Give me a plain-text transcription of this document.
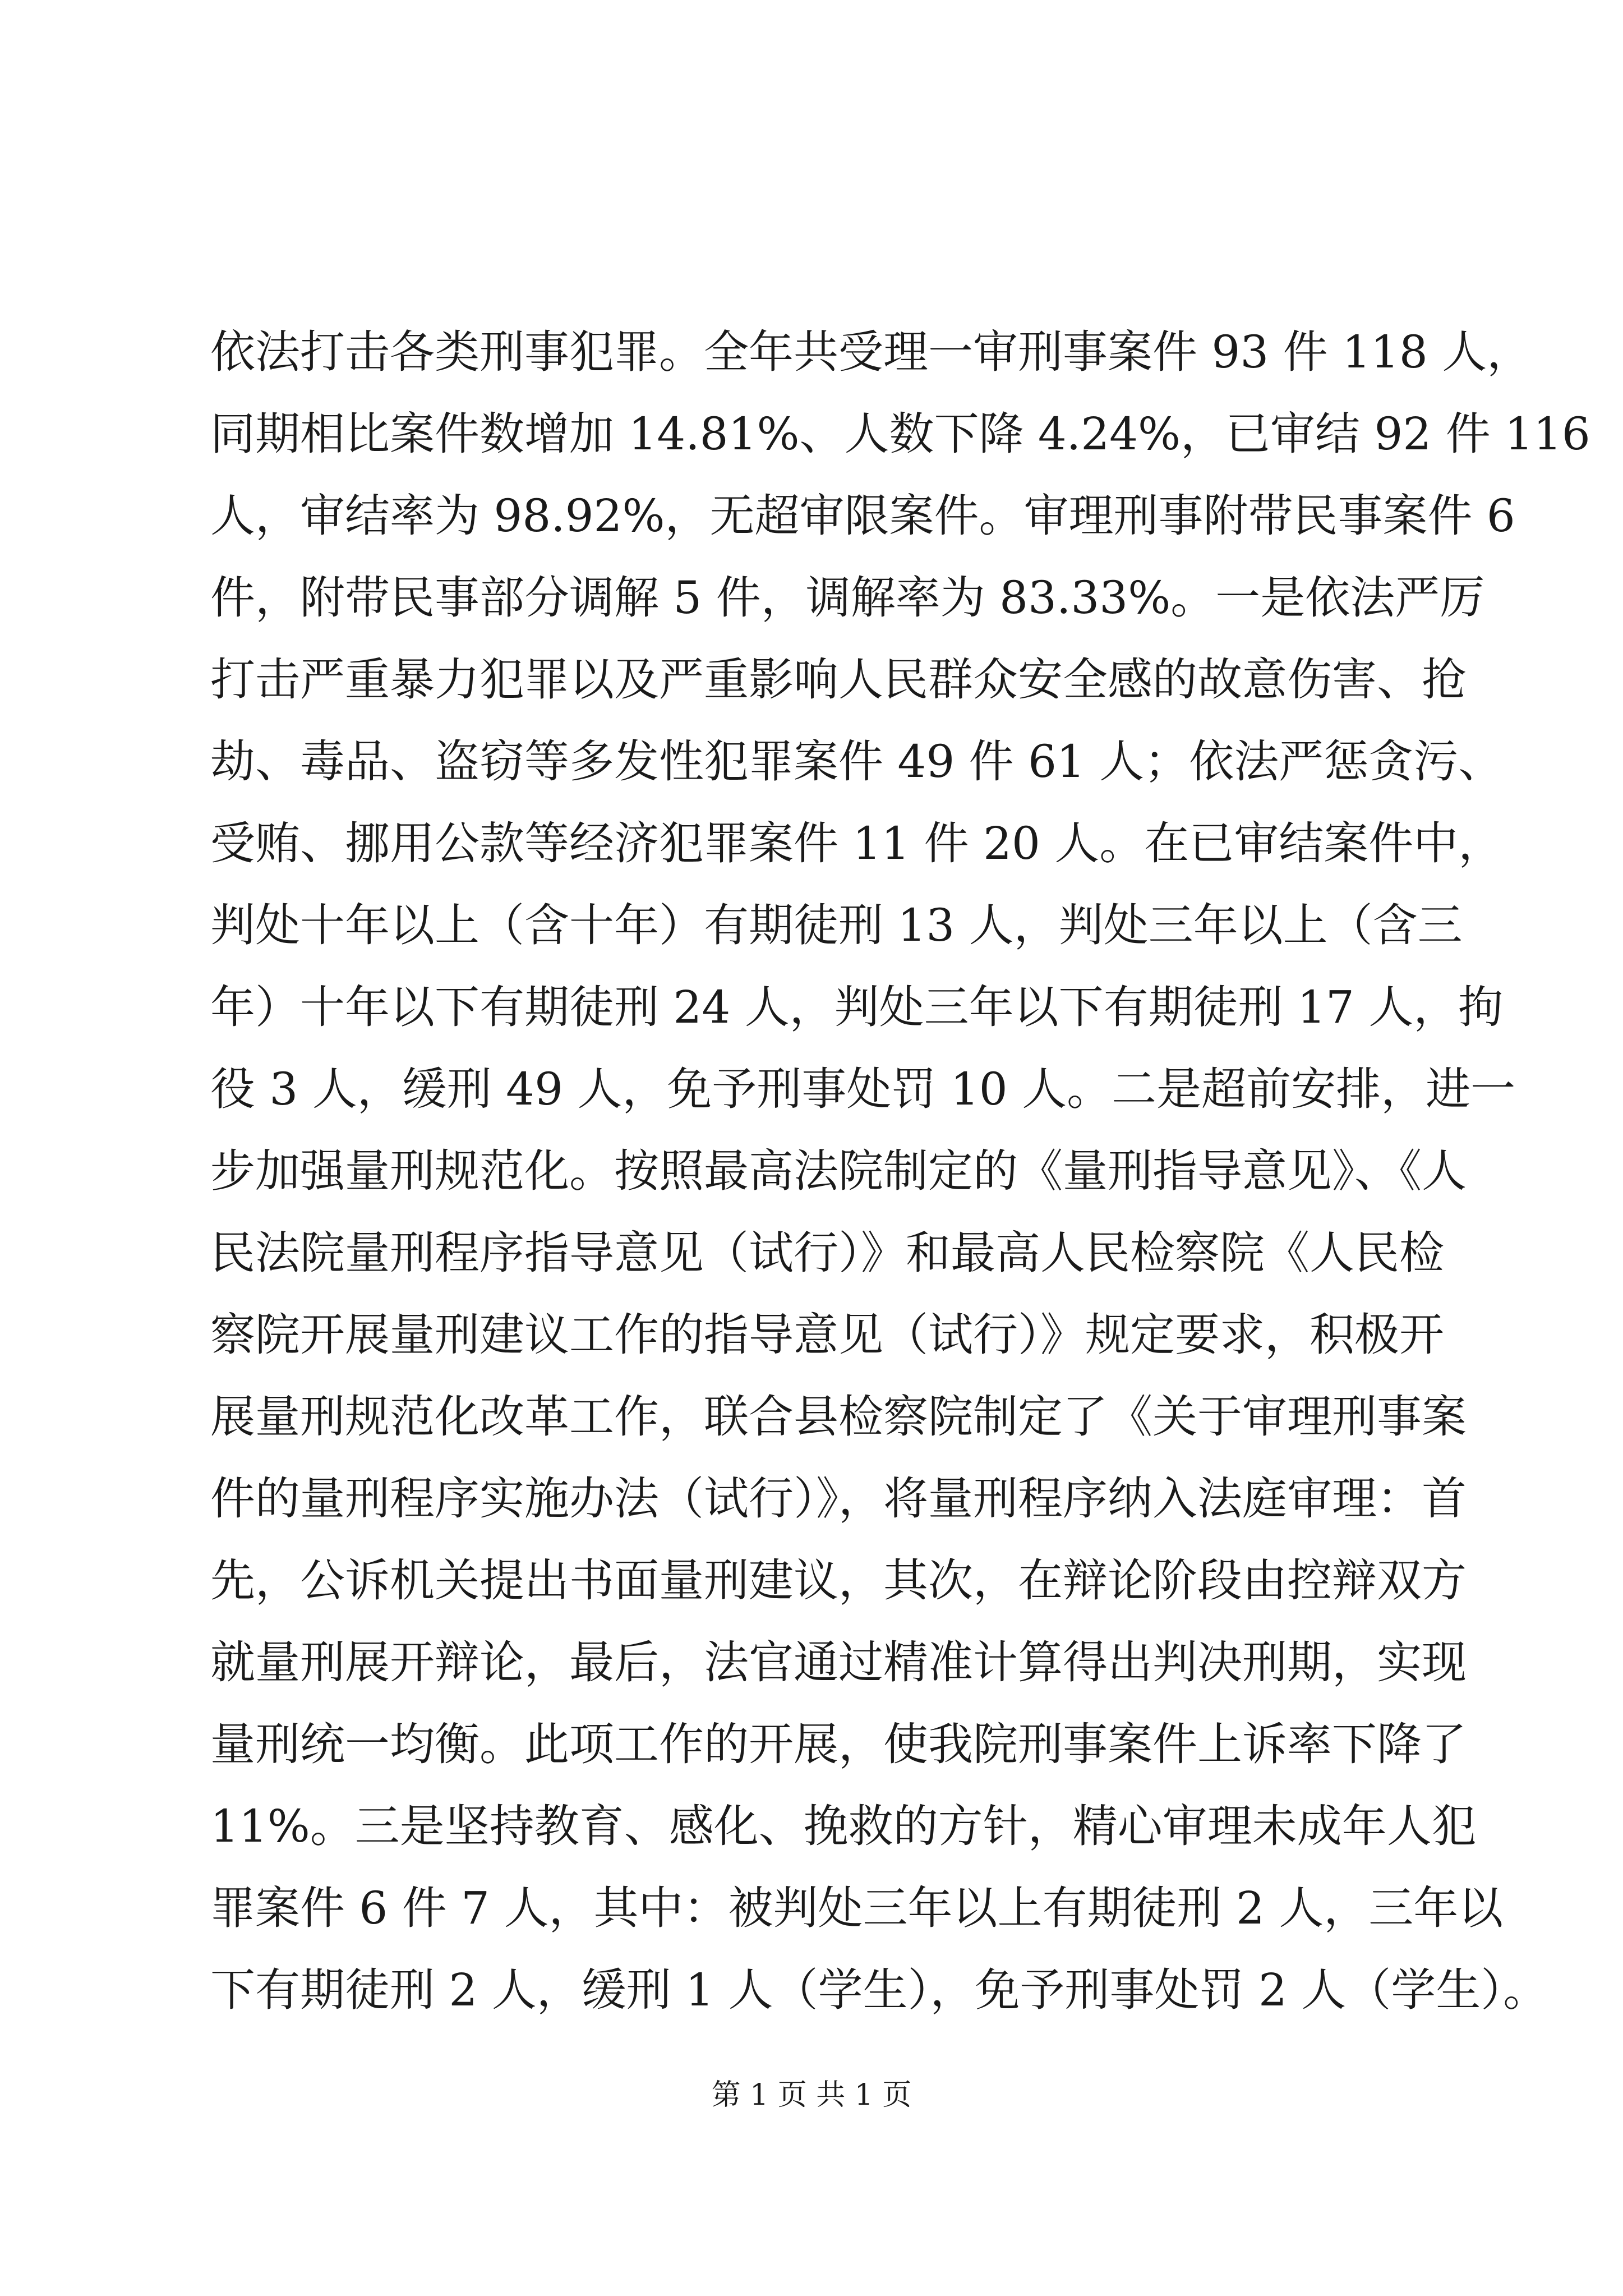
依法打击各类刑事犯罪。全年共受理一审刑事案件 93 件 118 人，
同期相比案件数增加 14.81%、人数下降 4.24%，已审结 92 件 116
人，审结率为 98.92%，无超审限案件。审理刑事附带民事案件 6
件，附带民事部分调解 5 件，调解率为 83.33%。一是依法严厉
打击严重暴力犯罪以及严重影响人民群众安全感的故意伤害、抢
劫、毒品、盗窃等多发性犯罪案件 49 件 61 人；依法严惩贪污、
受贿、挪用公款等经济犯罪案件 11 件 20 人。在已审结案件中，
判处十年以上（含十年）有期徒刑 13 人，判处三年以上（含三
年）十年以下有期徒刑 24 人，判处三年以下有期徒刑 17 人，拘
役 3 人，缓刑 49 人，免予刑事处罚 10 人。二是超前安排，进一
步加强量刑规范化。按照最高法院制定的《量刑指导意见》、《人
民法院量刑程序指导意见（试行）》和最高人民检察院《人民检
察院开展量刑建议工作的指导意见（试行）》规定要求，积极开
展量刑规范化改革工作，联合县检察院制定了《关于审理刑事案
件的量刑程序实施办法（试行）》，将量刑程序纳入法庭审理：首
先，公诉机关提出书面量刑建议，其次，在辩论阶段由控辩双方
就量刑展开辩论，最后，法官通过精准计算得出判决刑期，实现
量刑统一均衡。此项工作的开展，使我院刑事案件上诉率下降了
11%。三是坚持教育、感化、挽救的方针，精心审理未成年人犯
罪案件 6 件 7 人，其中：被判处三年以上有期徒刑 2 人，三年以
下有期徒刑 2 人，缓刑 1 人（学生），免予刑事处罚 2 人（学生）。
第 1 页 共 1 页
